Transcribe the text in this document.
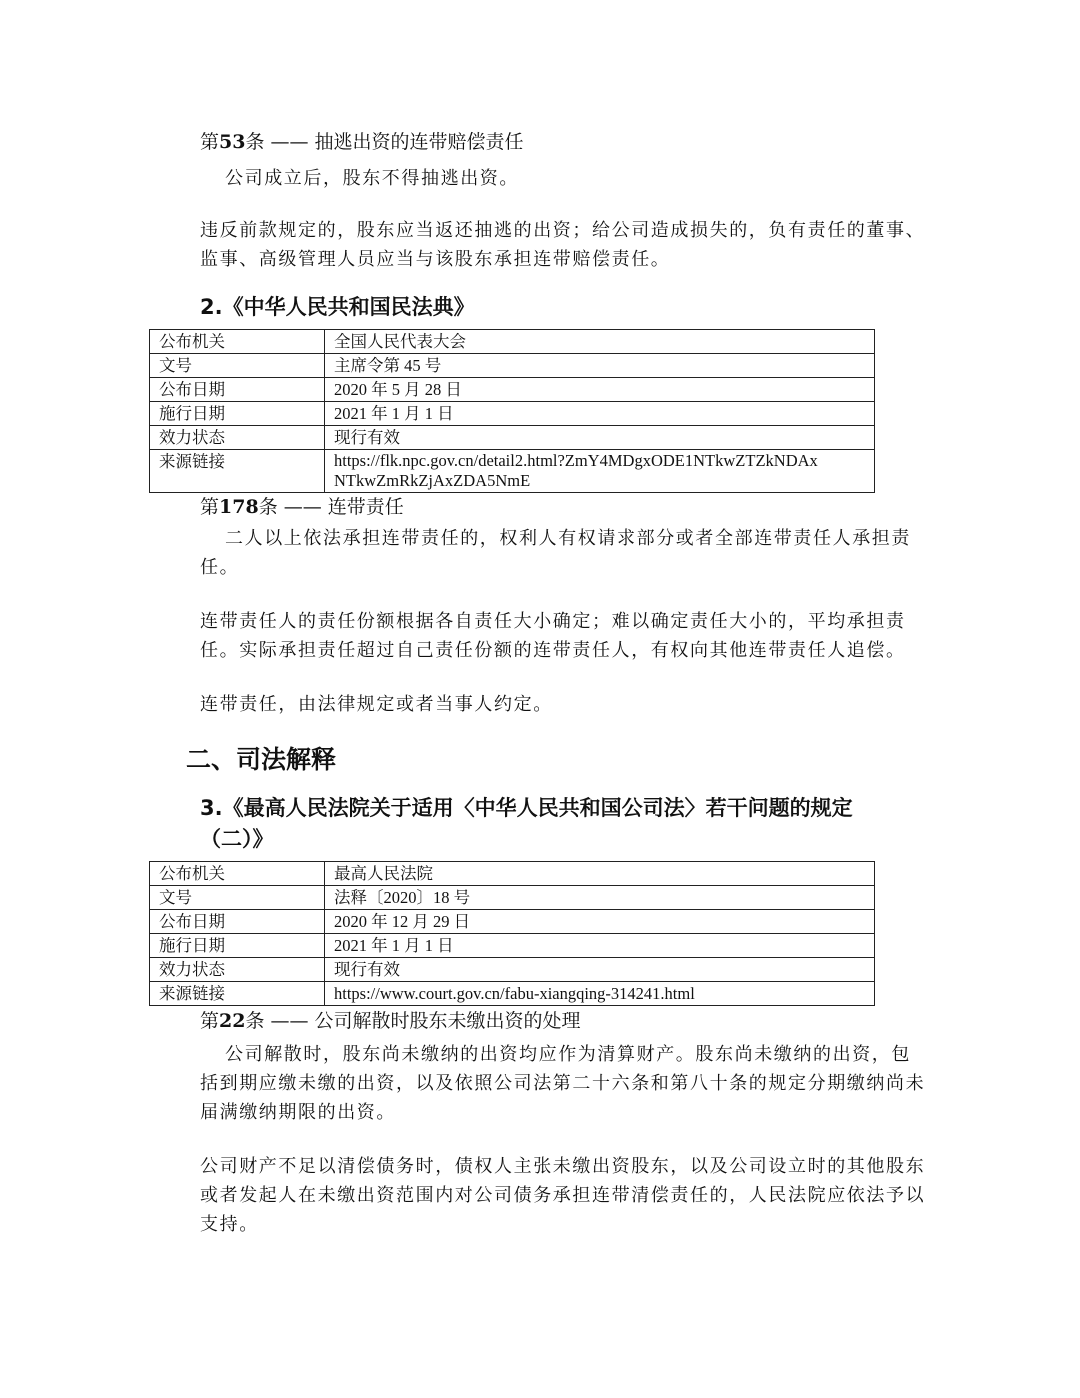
第53条 —— 抽逃出资的连带赔偿责任
公司成立后，股东不得抽逃出资。
违反前款规定的，股东应当返还抽逃的出资；给公司造成损失的，负有责任的董事、
监事、高级管理人员应当与该股东承担连带赔偿责任。
2.《中华人民共和国民法典》
公布机关	全国人民代表大会
文号	主席令第 45 号
公布日期	2020 年 5 月 28 日
施行日期	2021 年 1 月 1 日
效力状态	现行有效
来源链接	https://flk.npc.gov.cn/detail2.html?ZmY4MDgxODE1NTkwZTZkNDAx
NTkwZmRkZjAxZDA5NmE
第178条 —— 连带责任
二人以上依法承担连带责任的，权利人有权请求部分或者全部连带责任人承担责
任。
连带责任人的责任份额根据各自责任大小确定；难以确定责任大小的，平均承担责
任。实际承担责任超过自己责任份额的连带责任人，有权向其他连带责任人追偿。
连带责任，由法律规定或者当事人约定。
二、司法解释
3.《最高人民法院关于适用〈中华人民共和国公司法〉若干问题的规定
（二）》
公布机关	最高人民法院
文号	法释〔2020〕18 号
公布日期	2020 年 12 月 29 日
施行日期	2021 年 1 月 1 日
效力状态	现行有效
来源链接	https://www.court.gov.cn/fabu-xiangqing-314241.html
第22条 —— 公司解散时股东未缴出资的处理
公司解散时，股东尚未缴纳的出资均应作为清算财产。股东尚未缴纳的出资，包
括到期应缴未缴的出资，以及依照公司法第二十六条和第八十条的规定分期缴纳尚未
届满缴纳期限的出资。
公司财产不足以清偿债务时，债权人主张未缴出资股东，以及公司设立时的其他股东
或者发起人在未缴出资范围内对公司债务承担连带清偿责任的，人民法院应依法予以
支持。
